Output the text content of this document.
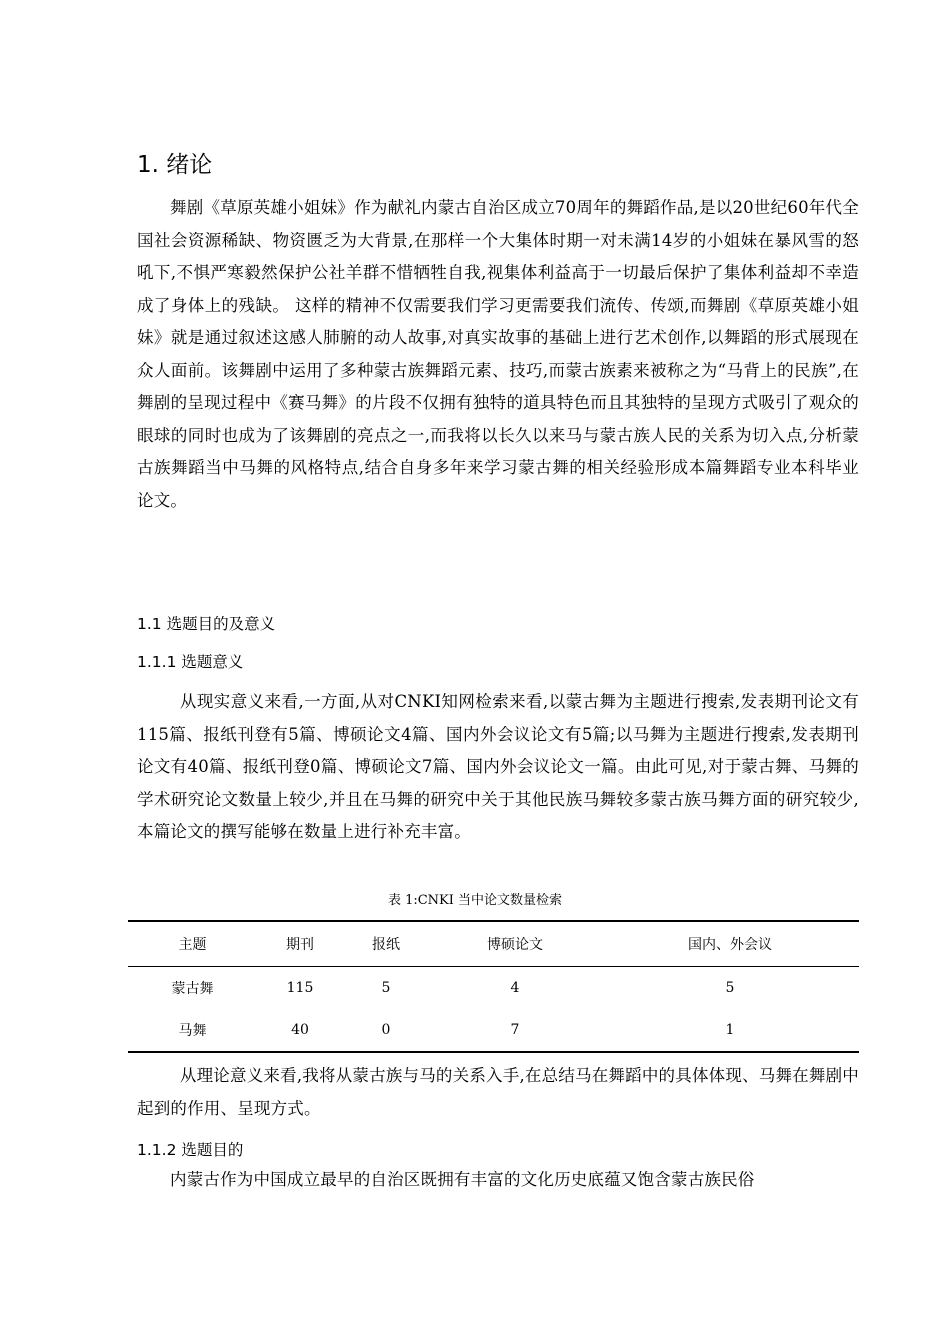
1. 绪论

舞剧《草原英雄小姐妹》作为献礼内蒙古自治区成立70周年的舞蹈作品,是以20世纪60年代全国社会资源稀缺、物资匮乏为大背景,在那样一个大集体时期一对未满14岁的小姐妹在暴风雪的怒吼下,不惧严寒毅然保护公社羊群不惜牺牲自我,视集体利益高于一切最后保护了集体利益却不幸造成了身体上的残缺。 这样的精神不仅需要我们学习更需要我们流传、传颂,而舞剧《草原英雄小姐妹》就是通过叙述这感人肺腑的动人故事,对真实故事的基础上进行艺术创作,以舞蹈的形式展现在众人面前。该舞剧中运用了多种蒙古族舞蹈元素、技巧,而蒙古族素来被称之为“马背上的民族”,在舞剧的呈现过程中《赛马舞》的片段不仅拥有独特的道具特色而且其独特的呈现方式吸引了观众的眼球的同时也成为了该舞剧的亮点之一,而我将以长久以来马与蒙古族人民的关系为切入点,分析蒙古族舞蹈当中马舞的风格特点,结合自身多年来学习蒙古舞的相关经验形成本篇舞蹈专业本科毕业论文。

1.1 选题目的及意义
1.1.1 选题意义

从现实意义来看,一方面,从对CNKI知网检索来看,以蒙古舞为主题进行搜索,发表期刊论文有115篇、报纸刊登有5篇、博硕论文4篇、国内外会议论文有5篇;以马舞为主题进行搜索,发表期刊论文有40篇、报纸刊登0篇、博硕论文7篇、国内外会议论文一篇。由此可见,对于蒙古舞、马舞的学术研究论文数量上较少,并且在马舞的研究中关于其他民族马舞较多蒙古族马舞方面的研究较少,本篇论文的撰写能够在数量上进行补充丰富。

表 1:CNKI 当中论文数量检索
主题	期刊	报纸	博硕论文	国内、外会议
蒙古舞	115	5	4	5
马舞	40	0	7	1

从理论意义来看,我将从蒙古族与马的关系入手,在总结马在舞蹈中的具体体现、马舞在舞剧中起到的作用、呈现方式。

1.1.2 选题目的

内蒙古作为中国成立最早的自治区既拥有丰富的文化历史底蕴又饱含蒙古族民俗
